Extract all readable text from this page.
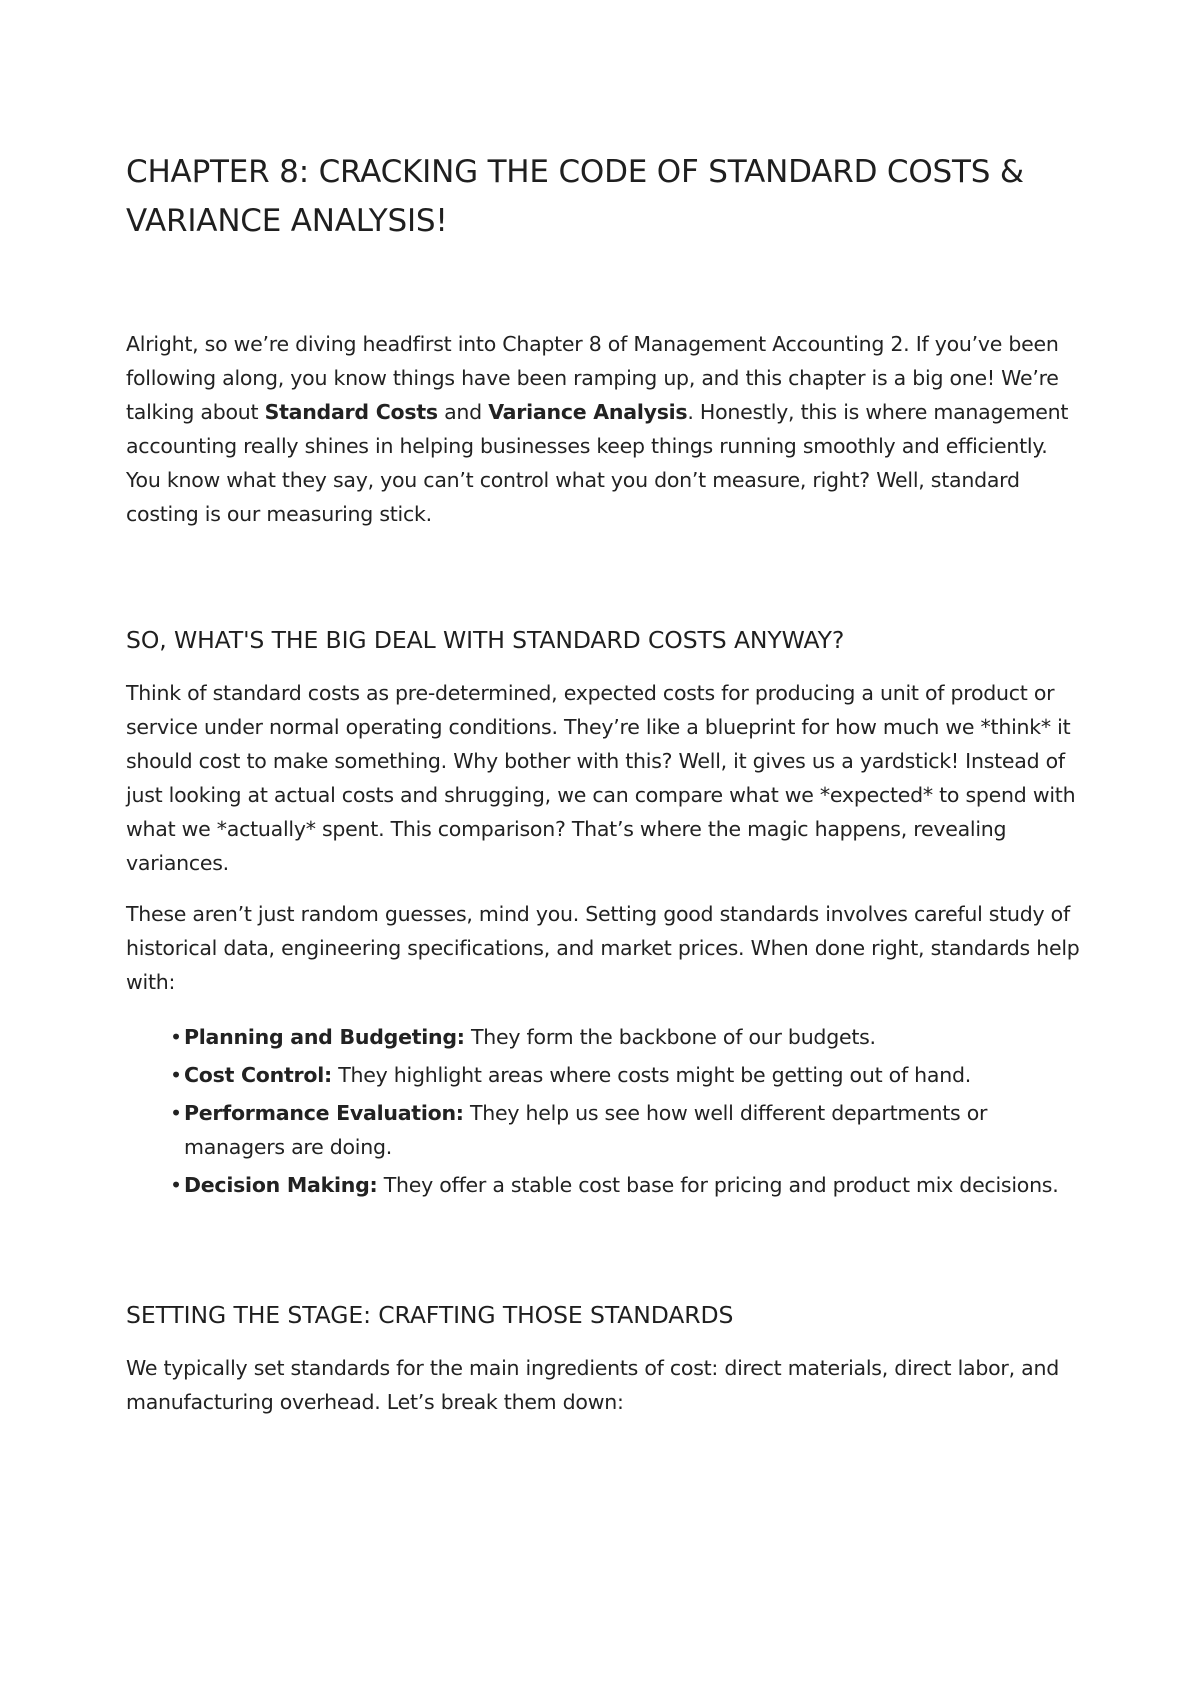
CHAPTER 8: CRACKING THE CODE OF STANDARD COSTS & VARIANCE ANALYSIS!

Alright, so we’re diving headfirst into Chapter 8 of Management Accounting 2. If you’ve been following along, you know things have been ramping up, and this chapter is a big one! We’re talking about Standard Costs and Variance Analysis. Honestly, this is where management accounting really shines in helping businesses keep things running smoothly and efficiently. You know what they say, you can’t control what you don’t measure, right? Well, standard costing is our measuring stick.

SO, WHAT'S THE BIG DEAL WITH STANDARD COSTS ANYWAY?

Think of standard costs as pre-determined, expected costs for producing a unit of product or service under normal operating conditions. They’re like a blueprint for how much we *think* it should cost to make something. Why bother with this? Well, it gives us a yardstick! Instead of just looking at actual costs and shrugging, we can compare what we *expected* to spend with what we *actually* spent. This comparison? That’s where the magic happens, revealing variances.

These aren’t just random guesses, mind you. Setting good standards involves careful study of historical data, engineering specifications, and market prices. When done right, standards help with:

• Planning and Budgeting: They form the backbone of our budgets.
• Cost Control: They highlight areas where costs might be getting out of hand.
• Performance Evaluation: They help us see how well different departments or managers are doing.
• Decision Making: They offer a stable cost base for pricing and product mix decisions.
SETTING THE STAGE: CRAFTING THOSE STANDARDS

We typically set standards for the main ingredients of cost: direct materials, direct labor, and manufacturing overhead. Let’s break them down:
